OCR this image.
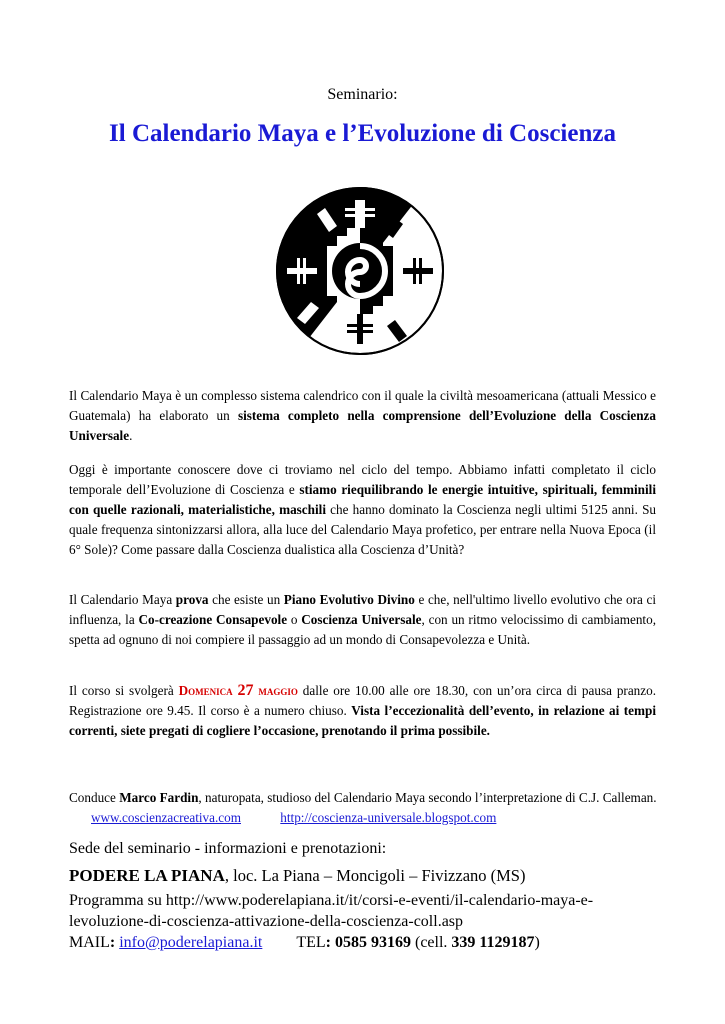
Seminario:
Il Calendario Maya e l’Evoluzione di Coscienza
Il Calendario Maya è un complesso sistema calendrico con il quale la civiltà mesoamericana (attuali Messico e Guatemala) ha elaborato un sistema completo nella comprensione dell’Evoluzione della Coscienza Universale.
Oggi è importante conoscere dove ci troviamo nel ciclo del tempo. Abbiamo infatti completato il ciclo temporale dell’Evoluzione di Coscienza e stiamo riequilibrando le energie intuitive, spirituali, femminili con quelle razionali, materialistiche, maschili che hanno dominato la Coscienza negli ultimi 5125 anni. Su quale frequenza sintonizzarsi allora, alla luce del Calendario Maya profetico, per entrare nella Nuova Epoca (il 6° Sole)? Come passare dalla Coscienza dualistica alla Coscienza d’Unità?
Il Calendario Maya prova che esiste un Piano Evolutivo Divino e che, nell'ultimo livello evolutivo che ora ci influenza, la Co-creazione Consapevole o Coscienza Universale, con un ritmo velocissimo di cambiamento, spetta ad ognuno di noi compiere il passaggio ad un mondo di Consapevolezza e Unità.
Il corso si svolgerà Domenica 27 maggio dalle ore 10.00 alle ore 18.30, con un’ora circa di pausa pranzo. Registrazione ore 9.45. Il corso è a numero chiuso. Vista l’eccezionalità dell’evento, in relazione ai tempi correnti, siete pregati di cogliere l’occasione, prenotando il prima possibile.
Conduce Marco Fardin, naturopata, studioso del Calendario Maya secondo l’interpretazione di C.J. Calleman. www.coscienzacreativa.com	http://coscienza-universale.blogspot.com
Sede del seminario - informazioni e prenotazioni:
PODERE LA PIANA, loc. La Piana – Moncigoli – Fivizzano (MS)
Programma su http://www.poderelapiana.it/it/corsi-e-eventi/il-calendario-maya-e-
levoluzione-di-coscienza-attivazione-della-coscienza-coll.asp
MAIL: info@poderelapiana.it TEL: 0585 93169 (cell. 339 1129187)
